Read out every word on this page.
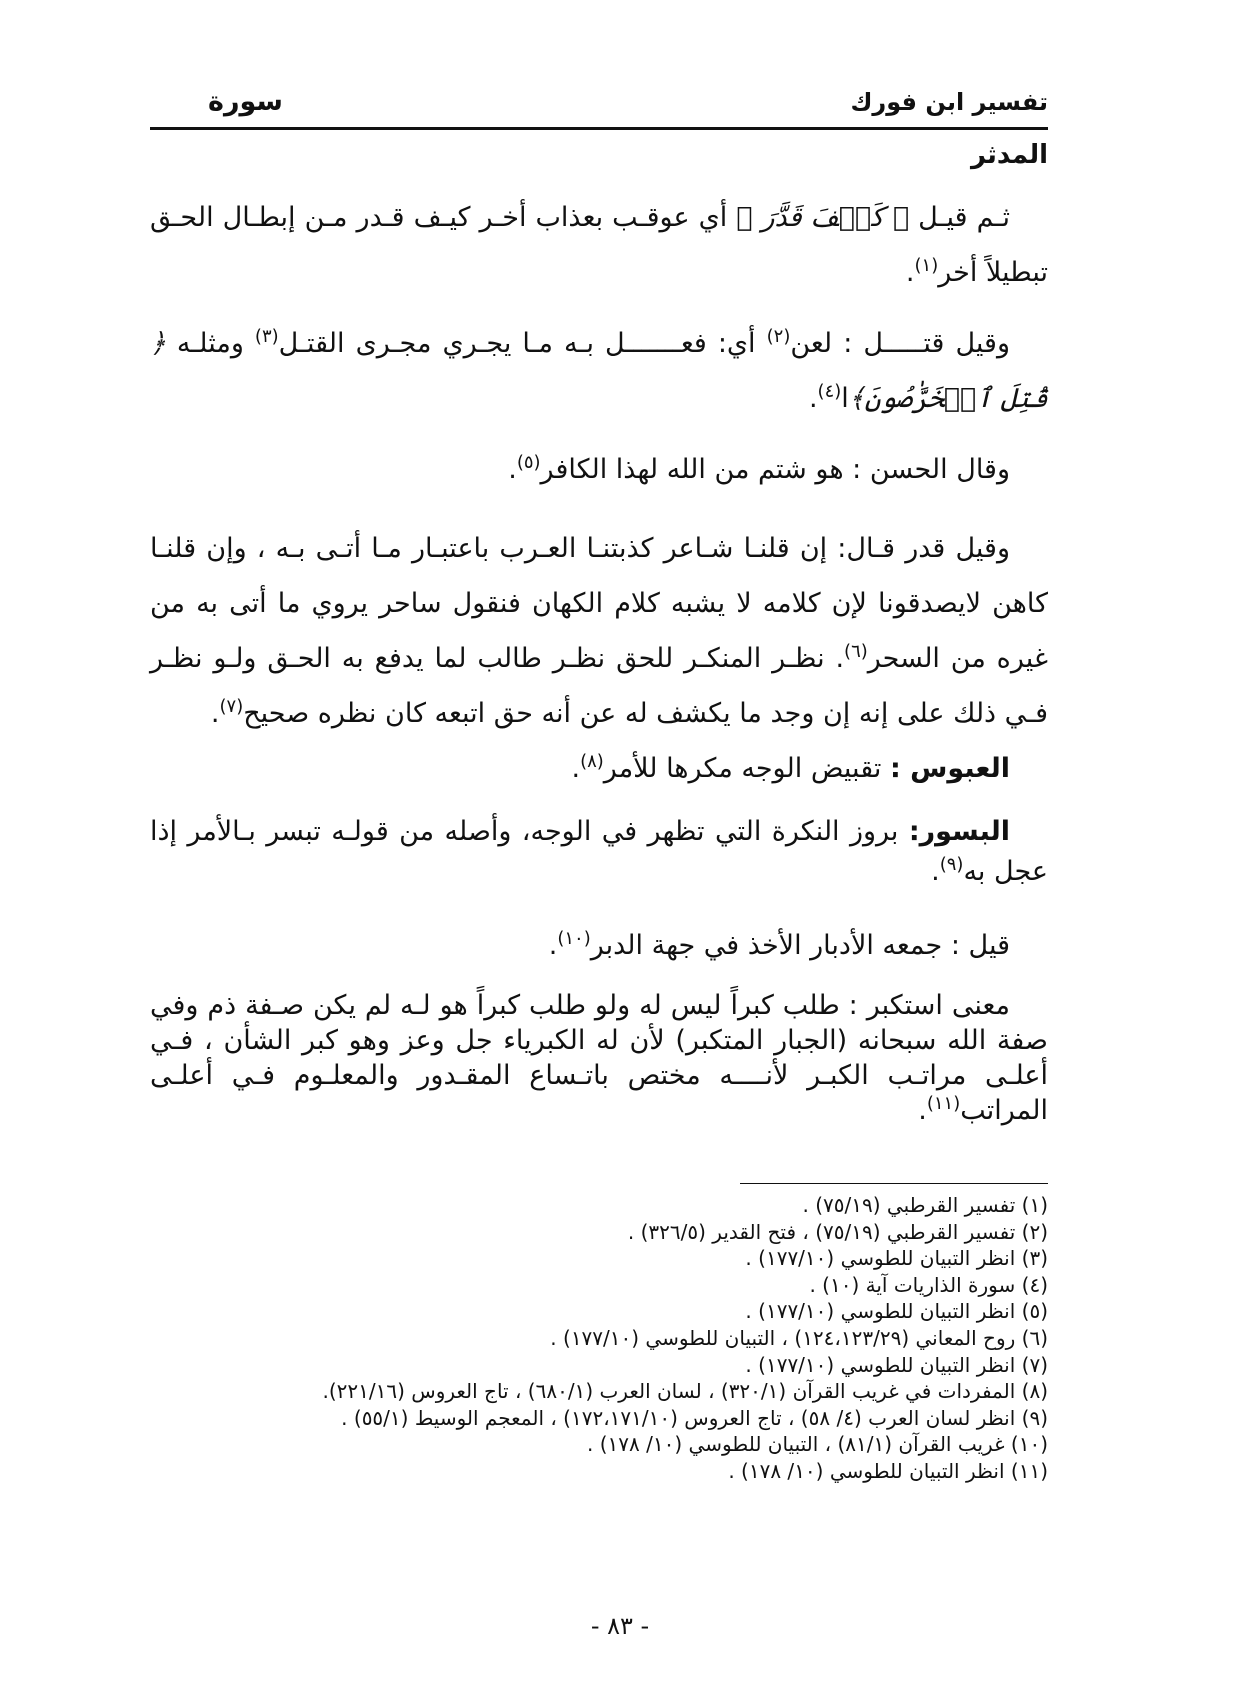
تفسير ابن فورك
سورة
المدثر

ثـم قيـل ﴿ كَيۡفَ قَدَّرَ ﴾ أي عوقـب بعذاب أخـر كيـف قـدر مـن إبطـال الحـق تبطيلاً أخر$^{(١)}$.

وقيل قتـــــل : لعن$^{(٢)}$ أي: فعـــــــل بـه مـا يجـري مجـرى القتـل$^{(٣)}$ ومثلـه ﴿ قُتِلَ ٱلۡخَرَّٰصُونَ﴾ا$^{(٤)}$.

وقال الحسن : هو شتم من الله لهذا الكافر$^{(٥)}$.

وقيل قدر قـال: إن قلنـا شـاعر كذبتنـا العـرب باعتبـار مـا أتـى بـه ، وإن قلنـا كاهن لايصدقونا لإن كلامه لا يشبه كلام الكهان فنقول ساحر يروي ما أتى به من غيره من السحر$^{(٦)}$. نظـر المنكـر للحق نظـر طالب لما يدفع به الحـق ولـو نظـر فـي ذلك على إنه إن وجد ما يكشف له عن أنه حق اتبعه كان نظره صحيح$^{(٧)}$.

العبوس : تقبيض الوجه مكرها للأمر$^{(٨)}$.

البسور: بروز النكرة التي تظهر في الوجه، وأصله من قولـه تبسر بـالأمر إذا عجل به$^{(٩)}$.

قيل : جمعه الأدبار الأخذ في جهة الدبر$^{(١٠)}$.

معنى استكبر : طلب كبراً ليس له ولو طلب كبراً هو لـه لم يكن صـفة ذم وفي صفة الله سبحانه (الجبار المتكبر) لأن له الكبرياء جل وعز وهو كبر الشأن ، فـي أعلـى مراتـب الكبـر لأنــــه مختص باتـساع المقـدور والمعلـوم فـي أعلـى المراتب$^{(١١)}$.

(١) تفسير القرطبي (٧٥/١٩) .
(٢) تفسير القرطبي (٧٥/١٩) ، فتح القدير (٣٢٦/٥) .
(٣) انظر التبيان للطوسي (١٧٧/١٠) .
(٤) سورة الذاريات آية (١٠) .
(٥) انظر التبيان للطوسي (١٧٧/١٠) .
(٦) روح المعاني (١٢٤،١٢٣/٢٩) ، التبيان للطوسي (١٧٧/١٠) .
(٧) انظر التبيان للطوسي (١٧٧/١٠) .
(٨) المفردات في غريب القرآن (٣٢٠/١) ، لسان العرب (٦٨٠/١) ، تاج العروس (٢٢١/١٦).
(٩) انظر لسان العرب (٤/ ٥٨) ، تاج العروس (١٧٢،١٧١/١٠) ، المعجم الوسيط (٥٥/١) .
(١٠) غريب القرآن (٨١/١) ، التبيان للطوسي (١٠/ ١٧٨) .
(١١) انظر التبيان للطوسي (١٠/ ١٧٨) .
- ٨٣ -
